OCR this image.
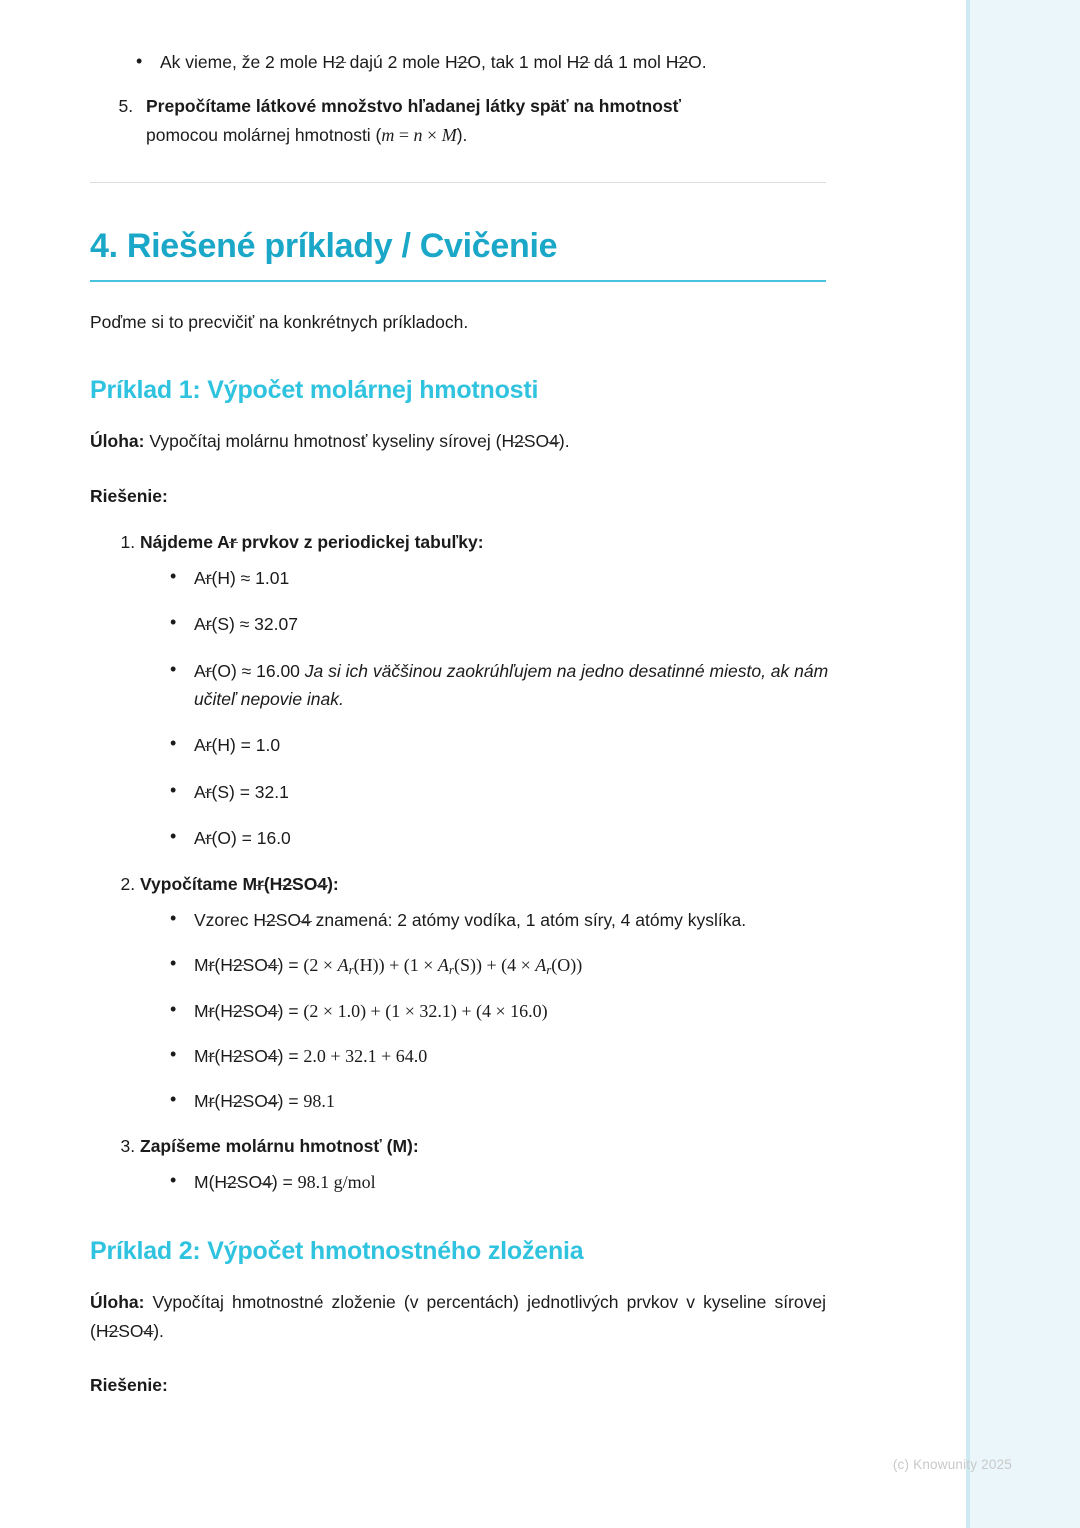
• Ak vieme, že 2 mole H2 dajú 2 mole H2O, tak 1 mol H2 dá 1 mol H2O.
5. Prepočítame látkové množstvo hľadanej látky späť na hmotnosť
pomocou molárnej hmotnosti (m = n × M).
4. Riešené príklady / Cvičenie

Poďme si to precvičiť na konkrétnych príkladoch.

Príklad 1: Výpočet molárnej hmotnosti

Úloha: Vypočítaj molárnu hmotnosť kyseliny sírovej (H2SO4).

Riešenie:

1. Nájdeme Ar prvkov z periodickej tabuľky:
• Ar(H) ≈ 1.01
• Ar(S) ≈ 32.07
• Ar(O) ≈ 16.00 Ja si ich väčšinou zaokrúhľujem na jedno desatinné miesto, ak nám učiteľ nepovie inak.
• Ar(H) = 1.0
• Ar(S) = 32.1
• Ar(O) = 16.0
2. Vypočítame Mr(H2SO4):
• Vzorec H2SO4 znamená: 2 atómy vodíka, 1 atóm síry, 4 atómy kyslíka.
• Mr(H2SO4) = (2 × Ar(H)) + (1 × Ar(S)) + (4 × Ar(O))
• Mr(H2SO4) = (2 × 1.0) + (1 × 32.1) + (4 × 16.0)
• Mr(H2SO4) = 2.0 + 32.1 + 64.0
• Mr(H2SO4) = 98.1
3. Zapíšeme molárnu hmotnosť (M):
• M(H2SO4) = 98.1 g/mol
Príklad 2: Výpočet hmotnostného zloženia

Úloha: Vypočítaj hmotnostné zloženie (v percentách) jednotlivých prvkov v kyseline sírovej (H2SO4).

Riešenie:

(c) Knowunity 2025
